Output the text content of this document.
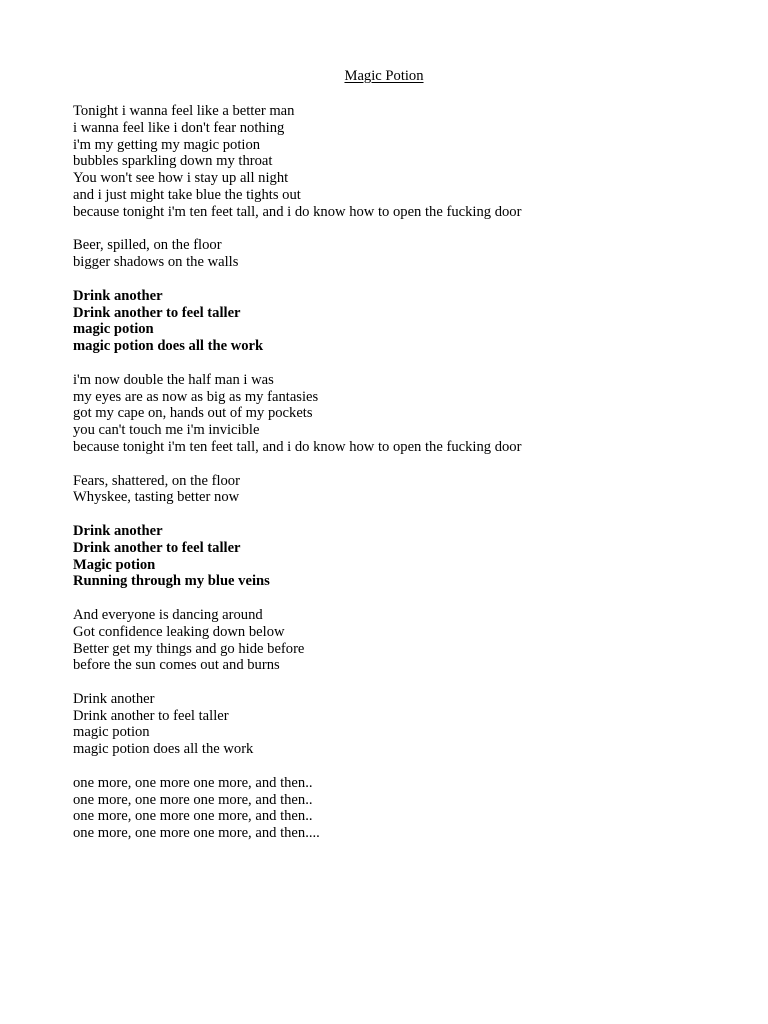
Magic Potion
Tonight i wanna feel like a better man
i wanna feel like i don't fear nothing
i'm my getting my magic potion
bubbles sparkling down my throat
You won't see how i stay up all night
and i just might take blue the tights out
because tonight i'm ten feet tall, and i do know how to open the fucking door
Beer, spilled, on the floor
bigger shadows on the walls
Drink another
Drink another to feel taller
magic potion
magic potion does all the work
i'm now double the half man i was
my eyes are as now as big as my fantasies
got my cape on, hands out of my pockets
you can't touch me i'm invicible
because tonight i'm ten feet tall, and i do know how to open the fucking door
Fears, shattered, on the floor
Whyskee, tasting better now
Drink another
Drink another to feel taller
Magic potion
Running through my blue veins
And everyone is dancing around
Got confidence leaking down below
Better get my things and go hide before
before the sun comes out and burns
Drink another
Drink another to feel taller
magic potion
magic potion does all the work
one more, one more one more, and then..
one more, one more one more, and then..
one more, one more one more, and then..
one more, one more one more, and then....
